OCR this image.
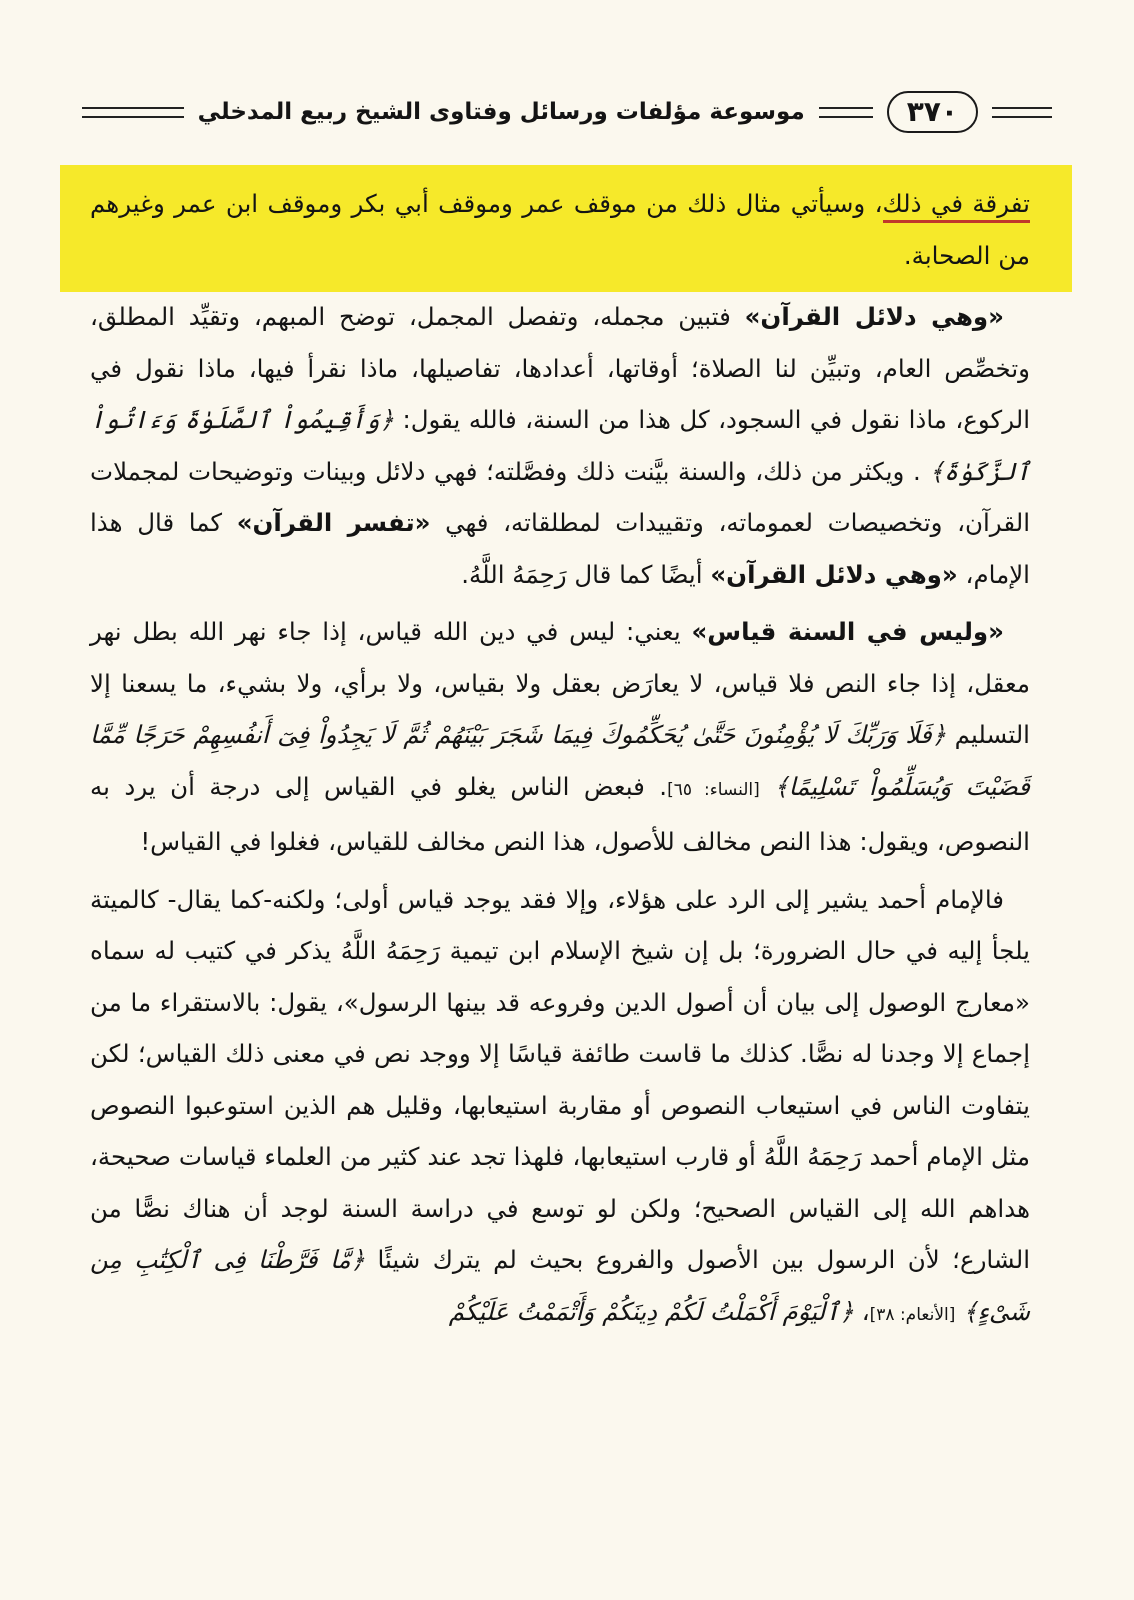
٣٧٠
موسوعة مؤلفات ورسائل وفتاوى الشيخ ربيع المدخلي

تفرقة في ذلك، وسيأتي مثال ذلك من موقف عمر وموقف أبي بكر وموقف ابن عمر وغيرهم من الصحابة.

«وهي دلائل القرآن» فتبين مجمله، وتفصل المجمل، توضح المبهم، وتقيِّد المطلق، وتخصِّص العام، وتبيِّن لنا الصلاة؛ أوقاتها، أعدادها، تفاصيلها، ماذا نقرأ فيها، ماذا نقول في الركوع، ماذا نقول في السجود، كل هذا من السنة، فالله يقول: ﴿وَأَقِيمُواْ ٱلصَّلَوٰةَ وَءَاتُواْ ٱلزَّكَوٰةَ﴾ . ويكثر من ذلك، والسنة بيَّنت ذلك وفصَّلته؛ فهي دلائل وبينات وتوضيحات لمجملات القرآن، وتخصيصات لعموماته، وتقييدات لمطلقاته، فهي «تفسر القرآن» كما قال هذا الإمام، «وهي دلائل القرآن» أيضًا كما قال رَحِمَهُ اللَّهُ.

«وليس في السنة قياس» يعني: ليس في دين الله قياس، إذا جاء نهر الله بطل نهر معقل، إذا جاء النص فلا قياس، لا يعارَض بعقل ولا بقياس، ولا برأي، ولا بشيء، ما يسعنا إلا التسليم ﴿فَلَا وَرَبِّكَ لَا يُؤْمِنُونَ حَتَّىٰ يُحَكِّمُوكَ فِيمَا شَجَرَ بَيْنَهُمْ ثُمَّ لَا يَجِدُواْ فِىٓ أَنفُسِهِمْ حَرَجًا مِّمَّا قَضَيْتَ وَيُسَلِّمُواْ تَسْلِيمًا﴾ [النساء: ٦٥]. فبعض الناس يغلو في القياس إلى درجة أن يرد به النصوص، ويقول: هذا النص مخالف للأصول، هذا النص مخالف للقياس، فغلوا في القياس!

فالإمام أحمد يشير إلى الرد على هؤلاء، وإلا فقد يوجد قياس أولى؛ ولكنه-كما يقال- كالميتة يلجأ إليه في حال الضرورة؛ بل إن شيخ الإسلام ابن تيمية رَحِمَهُ اللَّهُ يذكر في كتيب له سماه «معارج الوصول إلى بيان أن أصول الدين وفروعه قد بينها الرسول»، يقول: بالاستقراء ما من إجماع إلا وجدنا له نصًّا. كذلك ما قاست طائفة قياسًا إلا ووجد نص في معنى ذلك القياس؛ لكن يتفاوت الناس في استيعاب النصوص أو مقاربة استيعابها، وقليل هم الذين استوعبوا النصوص مثل الإمام أحمد رَحِمَهُ اللَّهُ أو قارب استيعابها، فلهذا تجد عند كثير من العلماء قياسات صحيحة، هداهم الله إلى القياس الصحيح؛ ولكن لو توسع في دراسة السنة لوجد أن هناك نصًّا من الشارع؛ لأن الرسول بين الأصول والفروع بحيث لم يترك شيئًا ﴿مَّا فَرَّطْنَا فِى ٱلْكِتَٰبِ مِن شَىْءٍ﴾ [الأنعام: ٣٨]، ﴿ٱلْيَوْمَ أَكْمَلْتُ لَكُمْ دِينَكُمْ وَأَتْمَمْتُ عَلَيْكُمْ
